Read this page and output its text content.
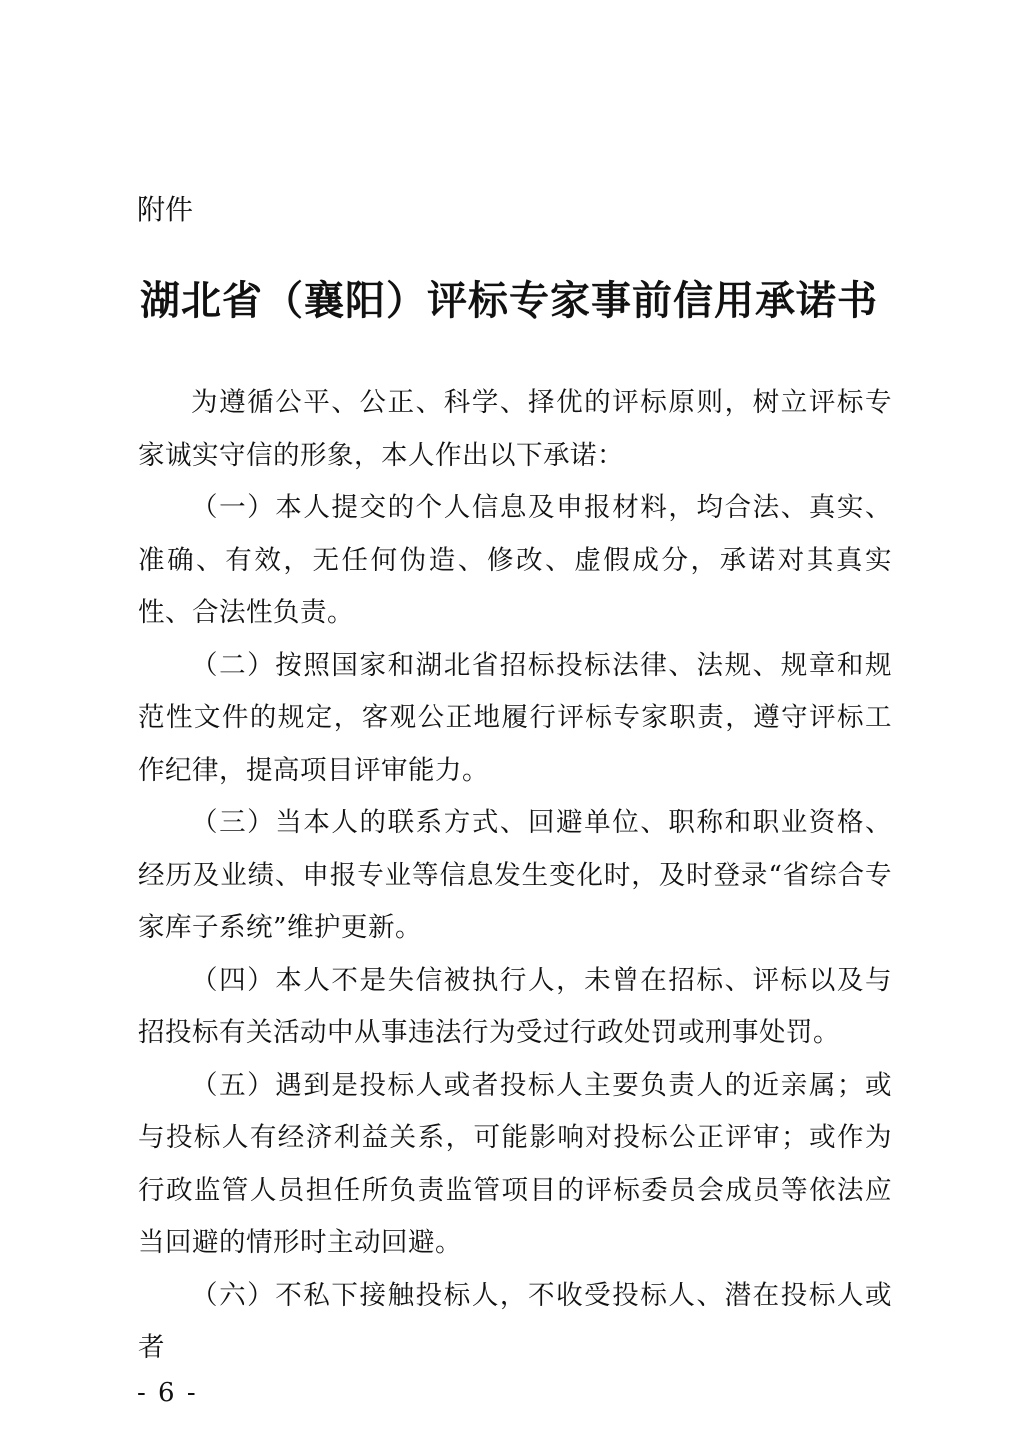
附件

湖北省（襄阳）评标专家事前信用承诺书

为遵循公平、公正、科学、择优的评标原则，树立评标专家诚实守信的形象，本人作出以下承诺：

（一）本人提交的个人信息及申报材料，均合法、真实、准确、有效，无任何伪造、修改、虚假成分，承诺对其真实性、合法性负责。

（二）按照国家和湖北省招标投标法律、法规、规章和规范性文件的规定，客观公正地履行评标专家职责，遵守评标工作纪律，提高项目评审能力。

（三）当本人的联系方式、回避单位、职称和职业资格、经历及业绩、申报专业等信息发生变化时，及时登录“省综合专家库子系统”维护更新。

（四）本人不是失信被执行人，未曾在招标、评标以及与招投标有关活动中从事违法行为受过行政处罚或刑事处罚。

（五）遇到是投标人或者投标人主要负责人的近亲属；或与投标人有经济利益关系，可能影响对投标公正评审；或作为行政监管人员担任所负责监管项目的评标委员会成员等依法应当回避的情形时主动回避。

（六）不私下接触投标人，不收受投标人、潜在投标人或者

- 6 -
